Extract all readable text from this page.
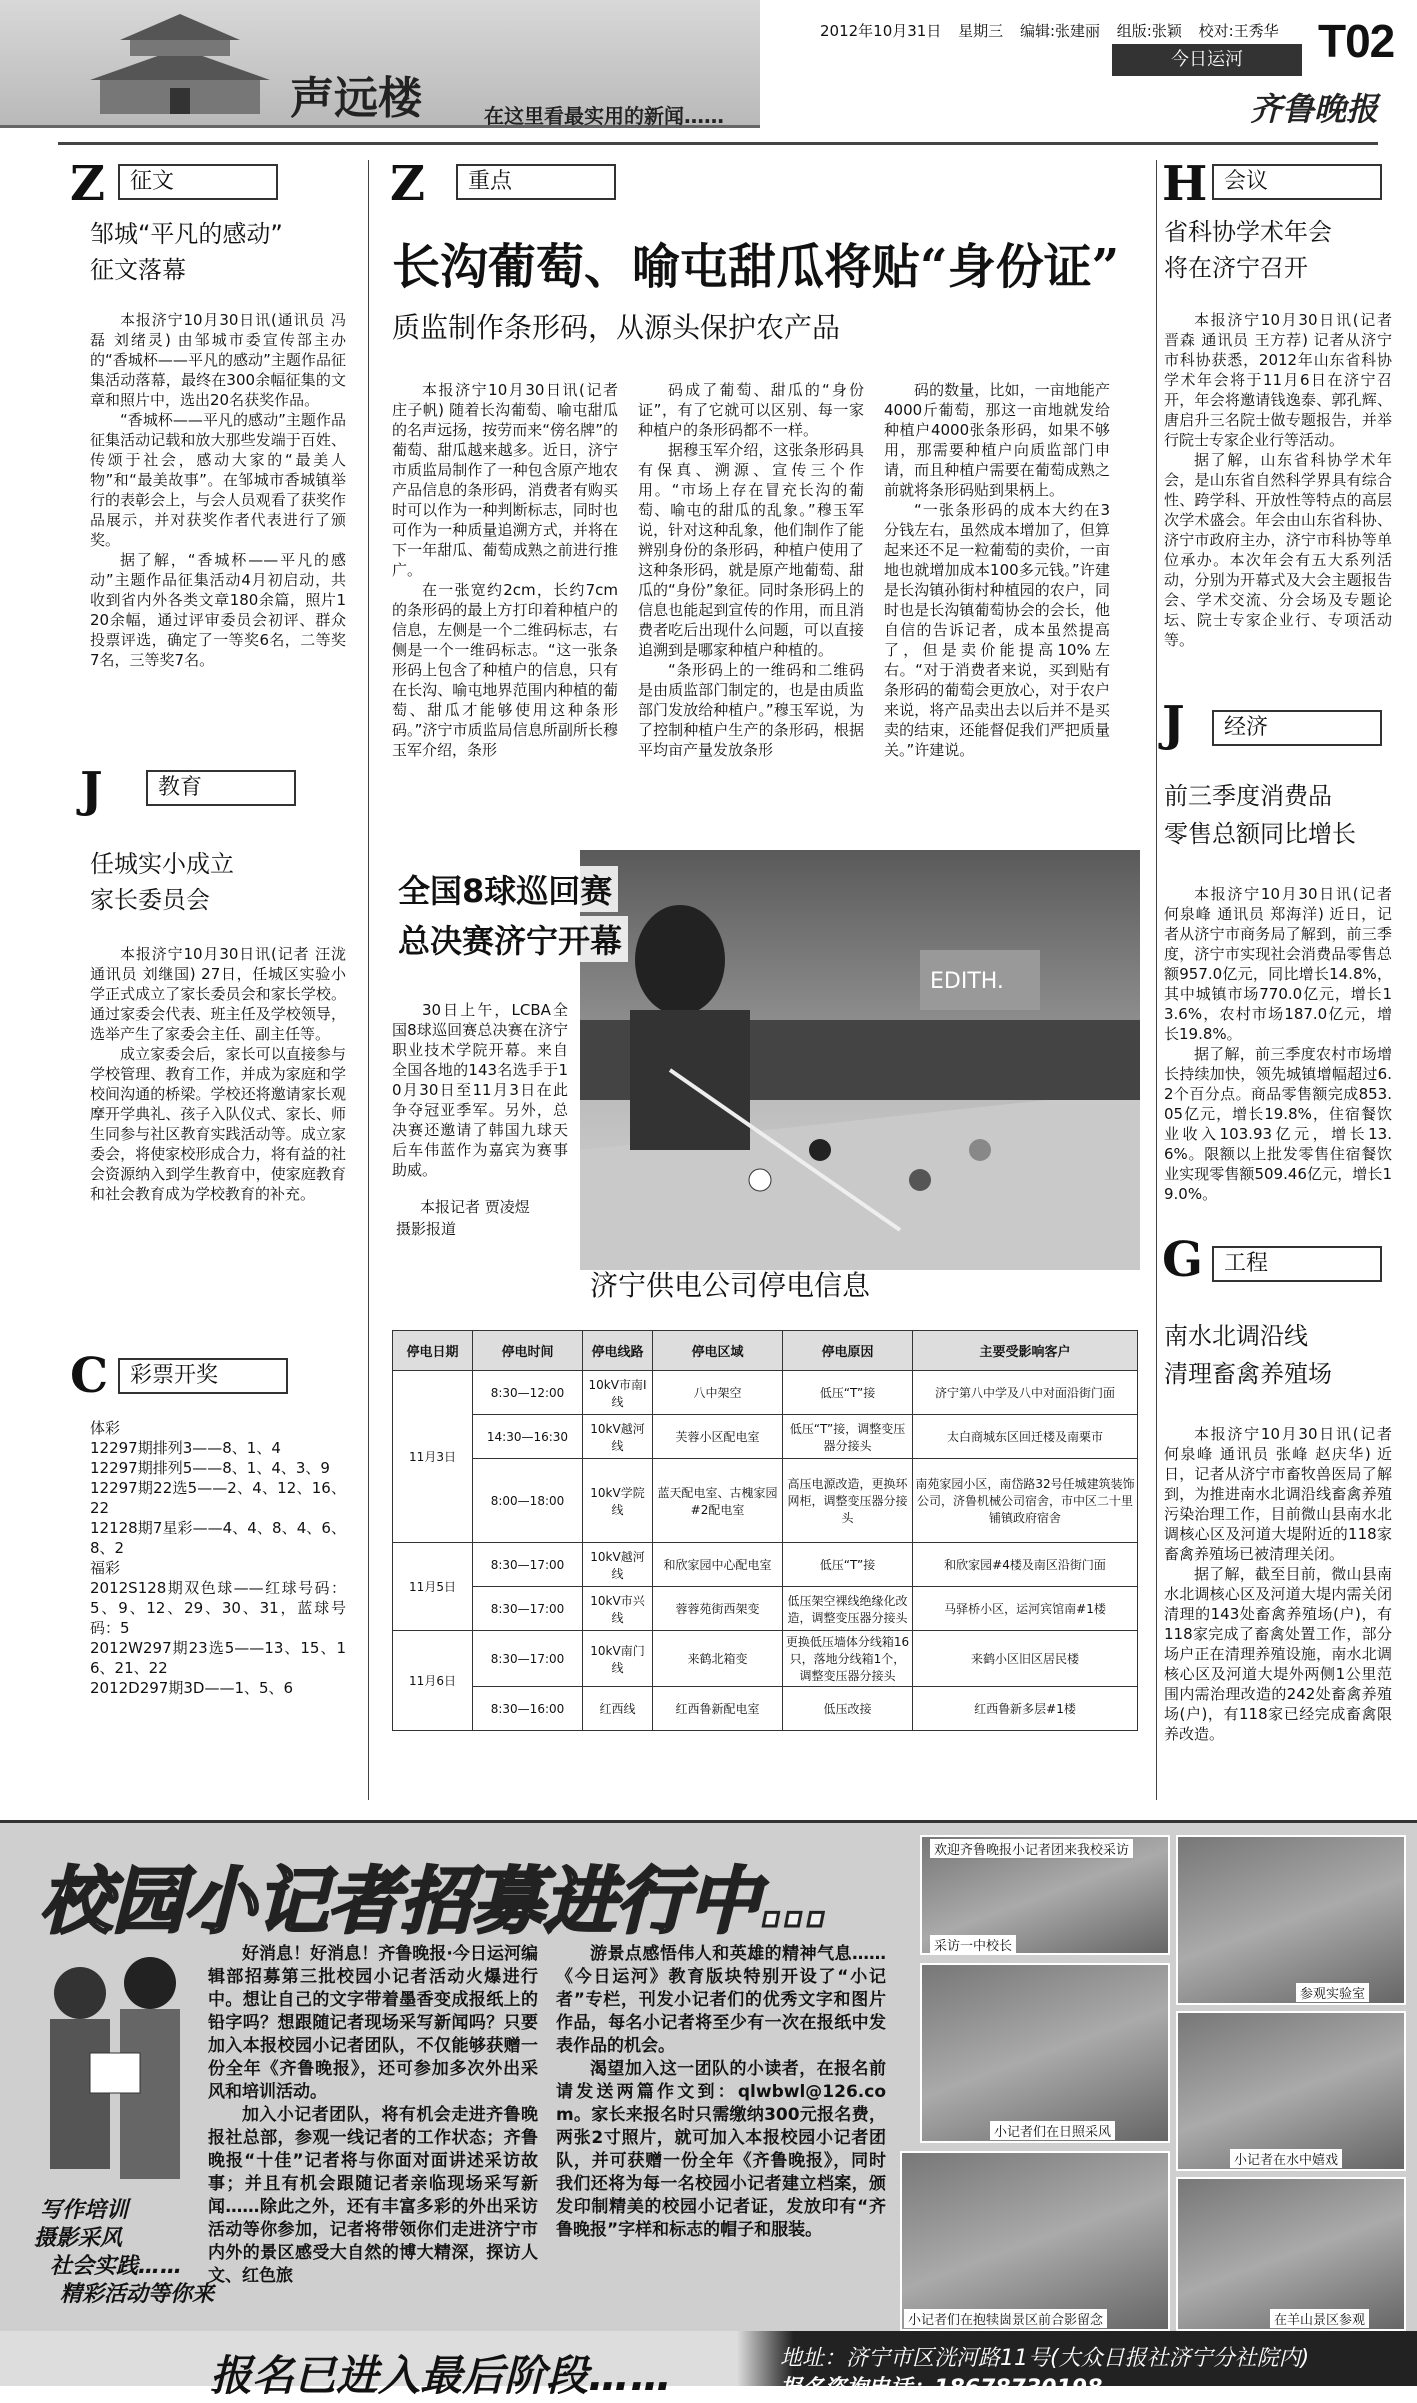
声远楼	在这里看最实用的新闻……
2012年10月31日 星期三 编辑:张建丽 组版:张颖 校对:王秀华
今日运河	T02
齐鲁晚报
Z	征文
邹城“平凡的感动”
征文落幕

本报济宁10月30日讯(通讯员 冯磊 刘绪灵) 由邹城市委宣传部主办的“香城杯——平凡的感动”主题作品征集活动落幕，最终在300余幅征集的文章和照片中，选出20名获奖作品。

“香城杯——平凡的感动”主题作品征集活动记载和放大那些发端于百姓、传颂于社会，感动大家的“最美人物”和“最美故事”。在邹城市香城镇举行的表彰会上，与会人员观看了获奖作品展示，并对获奖作者代表进行了颁奖。

据了解，“香城杯——平凡的感动”主题作品征集活动4月初启动，共收到省内外各类文章180余篇，照片120余幅，通过评审委员会初评、群众投票评选，确定了一等奖6名，二等奖7名，三等奖7名。

J	教育
任城实小成立
家长委员会

本报济宁10月30日讯(记者 汪泷 通讯员 刘继国) 27日，任城区实验小学正式成立了家长委员会和家长学校。通过家委会代表、班主任及学校领导，选举产生了家委会主任、副主任等。

成立家委会后，家长可以直接参与学校管理、教育工作，并成为家庭和学校间沟通的桥梁。学校还将邀请家长观摩开学典礼、孩子入队仪式、家长、师生同参与社区教育实践活动等。成立家委会，将使家校形成合力，将有益的社会资源纳入到学生教育中，使家庭教育和社会教育成为学校教育的补充。

C 彩票开奖
体彩
12297期排列3——8、1、4
12297期排列5——8、1、4、3、9
12297期22选5——2、4、12、16、22
12128期7星彩——4、4、8、4、6、8、2
福彩
2012S128期双色球——红球号码：5、9、12、29、30、31，蓝球号码：5
2012W297期23选5——13、15、16、21、22
2012D297期3D——1、5、6
Z	重点
长沟葡萄、喻屯甜瓜将贴“身份证”
质监制作条形码，从源头保护农产品

本报济宁10月30日讯(记者 庄子帆) 随着长沟葡萄、喻屯甜瓜的名声远扬，按劳而来“傍名牌”的葡萄、甜瓜越来越多。近日，济宁市质监局制作了一种包含原产地农产品信息的条形码，消费者有购买时可以作为一种判断标志，同时也可作为一种质量追溯方式，并将在下一年甜瓜、葡萄成熟之前进行推广。

在一张宽约2cm，长约7cm的条形码的最上方打印着种植户的信息，左侧是一个二维码标志，右侧是一个一维码标志。“这一张条形码上包含了种植户的信息，只有在长沟、喻屯地界范围内种植的葡萄、甜瓜才能够使用这种条形码。”济宁市质监局信息所副所长穆玉军介绍，条形

码成了葡萄、甜瓜的“身份证”，有了它就可以区别、每一家种植户的条形码都不一样。

据穆玉军介绍，这张条形码具有保真、溯源、宣传三个作用。“市场上存在冒充长沟的葡萄、喻屯的甜瓜的乱象。”穆玉军说，针对这种乱象，他们制作了能辨别身份的条形码，种植户使用了这种条形码，就是原产地葡萄、甜瓜的“身份”象征。同时条形码上的信息也能起到宣传的作用，而且消费者吃后出现什么问题，可以直接追溯到是哪家种植户种植的。

“条形码上的一维码和二维码是由质监部门制定的，也是由质监部门发放给种植户。”穆玉军说，为了控制种植户生产的条形码，根据平均亩产量发放条形

码的数量，比如，一亩地能产4000斤葡萄，那这一亩地就发给种植户4000张条形码，如果不够用，那需要种植户向质监部门申请，而且种植户需要在葡萄成熟之前就将条形码贴到果柄上。

“一张条形码的成本大约在3分钱左右，虽然成本增加了，但算起来还不足一粒葡萄的卖价，一亩地也就增加成本100多元钱。”许建是长沟镇孙街村种植园的农户，同时也是长沟镇葡萄协会的会长，他自信的告诉记者，成本虽然提高了，但是卖价能提高10%左右。“对于消费者来说，买到贴有条形码的葡萄会更放心，对于农户来说，将产品卖出去以后并不是买卖的结束，还能督促我们严把质量关。”许建说。

EDITH.
全国8球巡回赛
总决赛济宁开幕

30日上午，LCBA全国8球巡回赛总决赛在济宁职业技术学院开幕。来自全国各地的143名选手于10月30日至11月3日在此争夺冠亚季军。另外，总决赛还邀请了韩国九球天后车伟蓝作为嘉宾为赛事助威。

本报记者 贾凌煜
摄影报道
济宁供电公司停电信息
停电日期	停电时间	停电线路	停电区域	停电原因	主要受影响客户
11月3日	8:30—12:00	10kV市南Ⅰ线	八中架空	低压“T”接	济宁第八中学及八中对面沿街门面
	14:30—16:30	10kV越河线	芙蓉小区配电室	低压“T”接，调整变压器分接头	太白商城东区回迁楼及南栗市
	8:00—18:00	10kV学院线	蓝天配电室、古槐家园#2配电室	高压电源改造，更换环网柜，调整变压器分接头	南苑家园小区，南岱路32号任城建筑装饰公司，济鲁机械公司宿舍，市中区二十里铺镇政府宿舍
11月5日	8:30—17:00	10kV越河线	和欣家园中心配电室	低压“T”接	和欣家园#4楼及南区沿街门面
	8:30—17:00	10kV市兴线	蓉蓉苑街西架变	低压架空裸线绝缘化改造，调整变压器分接头	马驿桥小区，运河宾馆南#1楼
11月6日	8:30—17:00	10kV南门线	来鹤北箱变	更换低压墙体分线箱16只，落地分线箱1个，调整变压器分接头	来鹤小区旧区居民楼
	8:30—16:00	红西线	红西鲁新配电室	低压改接	红西鲁新多层#1楼
H 会议
省科协学术年会
将在济宁召开

本报济宁10月30日讯(记者 晋森 通讯员 王方荐) 记者从济宁市科协获悉，2012年山东省科协学术年会将于11月6日在济宁召开，年会将邀请钱逸泰、郭孔辉、唐启升三名院士做专题报告，并举行院士专家企业行等活动。

据了解，山东省科协学术年会，是山东省自然科学界具有综合性、跨学科、开放性等特点的高层次学术盛会。年会由山东省科协、济宁市政府主办，济宁市科协等单位承办。本次年会有五大系列活动，分别为开幕式及大会主题报告会、学术交流、分会场及专题论坛、院士专家企业行、专项活动等。

J	经济
前三季度消费品
零售总额同比增长

本报济宁10月30日讯(记者 何泉峰 通讯员 郑海洋) 近日，记者从济宁市商务局了解到，前三季度，济宁市实现社会消费品零售总额957.0亿元，同比增长14.8%，其中城镇市场770.0亿元，增长13.6%，农村市场187.0亿元，增长19.8%。

据了解，前三季度农村市场增长持续加快，领先城镇增幅超过6.2个百分点。商品零售额完成853.05亿元，增长19.8%，住宿餐饮业收入103.93亿元，增长13.6%。限额以上批发零售住宿餐饮业实现零售额509.46亿元，增长19.0%。

G 工程
南水北调沿线
清理畜禽养殖场

本报济宁10月30日讯(记者 何泉峰 通讯员 张峰 赵庆华) 近日，记者从济宁市畜牧兽医局了解到，为推进南水北调沿线畜禽养殖污染治理工作，目前微山县南水北调核心区及河道大堤附近的118家畜禽养殖场已被清理关闭。

据了解，截至目前，微山县南水北调核心区及河道大堤内需关闭清理的143处畜禽养殖场(户)，有118家完成了畜禽处置工作，部分场户正在清理养殖设施，南水北调核心区及河道大堤外两侧1公里范围内需治理改造的242处畜禽养殖场(户)，有118家已经完成畜禽限养改造。

校园小记者招募进行中…

好消息！好消息！齐鲁晚报·今日运河编辑部招募第三批校园小记者活动火爆进行中。想让自己的文字带着墨香变成报纸上的铅字吗？想跟随记者现场采写新闻吗？只要加入本报校园小记者团队，不仅能够获赠一份全年《齐鲁晚报》，还可参加多次外出采风和培训活动。

加入小记者团队，将有机会走进齐鲁晚报社总部，参观一线记者的工作状态；齐鲁晚报“十佳”记者将与你面对面讲述采访故事；并且有机会跟随记者亲临现场采写新闻……除此之外，还有丰富多彩的外出采访活动等你参加，记者将带领你们走进济宁市内外的景区感受大自然的博大精深，探访人文、红色旅

游景点感悟伟人和英雄的精神气息……《今日运河》教育版块特别开设了“小记者”专栏，刊发小记者们的优秀文字和图片作品，每名小记者将至少有一次在报纸中发表作品的机会。

渴望加入这一团队的小读者，在报名前请发送两篇作文到：qlwbwl@126.com。家长来报名时只需缴纳300元报名费，两张2寸照片，就可加入本报校园小记者团队，并可获赠一份全年《齐鲁晚报》，同时我们还将为每一名校园小记者建立档案，颁发印制精美的校园小记者证，发放印有“齐鲁晚报”字样和标志的帽子和服装。

写作培训
摄影采风
社会实践……
精彩活动等你来
欢迎齐鲁晚报小记者团来我校采访
采访一中校长
参观实验室
小记者们在日照采风
小记者在水中嬉戏
小记者们在抱犊崮景区前合影留念	在羊山景区参观
报名已进入最后阶段……	地址：济宁市区洸河路11号(大众日报社济宁分社院内)
报名咨询电话：18678730198
